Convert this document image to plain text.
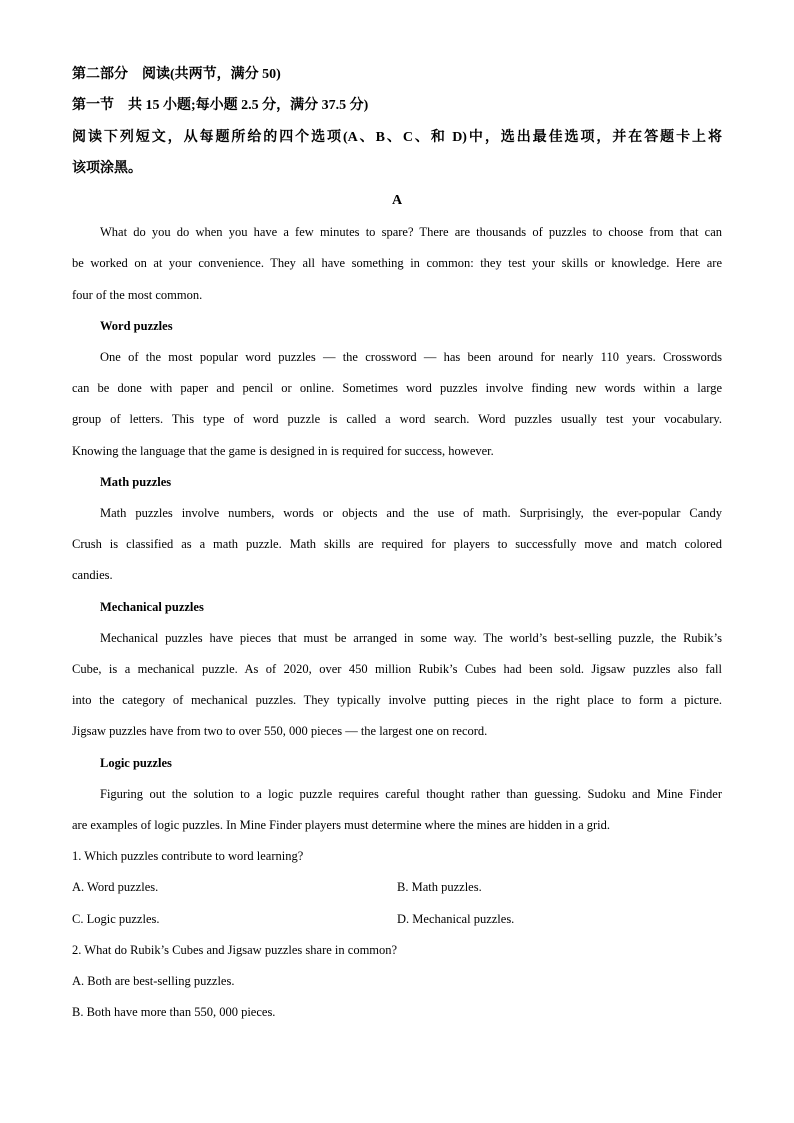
第二部分　阅读(共两节，满分 50)
第一节　共 15 小题;每小题 2.5 分，满分 37.5 分)
阅读下列短文，从每题所给的四个选项(A、B、C、和 D)中，选出最佳选项，并在答题卡上将
该项涂黑。
A
What do you do when you have a few minutes to spare? There are thousands of puzzles to choose from that can
be worked on at your convenience. They all have something in common: they test your skills or knowledge. Here are
four of the most common.
Word puzzles
One of the most popular word puzzles — the crossword — has been around for nearly 110 years. Crosswords
can be done with paper and pencil or online. Sometimes word puzzles involve finding new words within a large
group of letters. This type of word puzzle is called a word search. Word puzzles usually test your vocabulary.
Knowing the language that the game is designed in is required for success, however.
Math puzzles
Math puzzles involve numbers, words or objects and the use of math. Surprisingly, the ever-popular Candy
Crush is classified as a math puzzle. Math skills are required for players to successfully move and match colored
candies.
Mechanical puzzles
Mechanical puzzles have pieces that must be arranged in some way. The world’s best-selling puzzle, the Rubik’s
Cube, is a mechanical puzzle. As of 2020, over 450 million Rubik’s Cubes had been sold. Jigsaw puzzles also fall
into the category of mechanical puzzles. They typically involve putting pieces in the right place to form a picture.
Jigsaw puzzles have from two to over 550, 000 pieces — the largest one on record.
Logic puzzles
Figuring out the solution to a logic puzzle requires careful thought rather than guessing. Sudoku and Mine Finder
are examples of logic puzzles. In Mine Finder players must determine where the mines are hidden in a grid.
1. Which puzzles contribute to word learning?
A. Word puzzles.	B. Math puzzles.
C. Logic puzzles.	D. Mechanical puzzles.
2. What do Rubik’s Cubes and Jigsaw puzzles share in common?
A. Both are best-selling puzzles.
B. Both have more than 550, 000 pieces.
